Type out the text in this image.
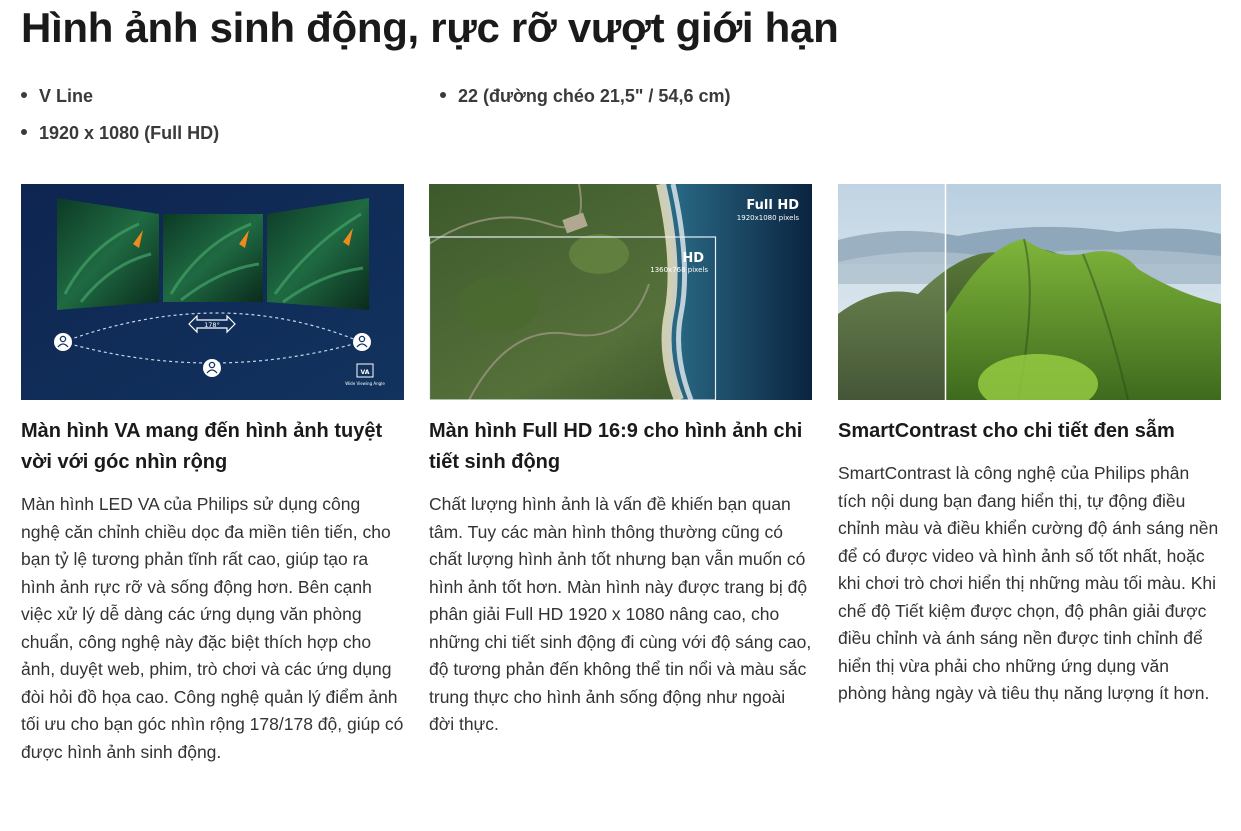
Hình ảnh sinh động, rực rỡ vượt giới hạn
V Line	22 (đường chéo 21,5" / 54,6 cm)
1920 x 1080 (Full HD)
178°
VA
Wide Viewing Angle
Màn hình VA mang đến hình ảnh tuyệt vời với góc nhìn rộng

Màn hình LED VA của Philips sử dụng công nghệ căn chỉnh chiều dọc đa miền tiên tiến, cho bạn tỷ lệ tương phản tĩnh rất cao, giúp tạo ra hình ảnh rực rỡ và sống động hơn. Bên cạnh việc xử lý dễ dàng các ứng dụng văn phòng chuẩn, công nghệ này đặc biệt thích hợp cho ảnh, duyệt web, phim, trò chơi và các ứng dụng đòi hỏi đồ họa cao. Công nghệ quản lý điểm ảnh tối ưu cho bạn góc nhìn rộng 178/178 độ, giúp có được hình ảnh sinh động.

HD
1360x768 pixels
Full HD
1920x1080 pixels
Màn hình Full HD 16:9 cho hình ảnh chi tiết sinh động

Chất lượng hình ảnh là vấn đề khiến bạn quan tâm. Tuy các màn hình thông thường cũng có chất lượng hình ảnh tốt nhưng bạn vẫn muốn có hình ảnh tốt hơn. Màn hình này được trang bị độ phân giải Full HD 1920 x 1080 nâng cao, cho những chi tiết sinh động đi cùng với độ sáng cao, độ tương phản đến không thể tin nổi và màu sắc trung thực cho hình ảnh sống động như ngoài đời thực.

SmartContrast cho chi tiết đen sẫm

SmartContrast là công nghệ của Philips phân tích nội dung bạn đang hiển thị, tự động điều chỉnh màu và điều khiển cường độ ánh sáng nền để có được video và hình ảnh số tốt nhất, hoặc khi chơi trò chơi hiển thị những màu tối màu. Khi chế độ Tiết kiệm được chọn, độ phân giải được điều chỉnh và ánh sáng nền được tinh chỉnh để hiển thị vừa phải cho những ứng dụng văn phòng hàng ngày và tiêu thụ năng lượng ít hơn.
